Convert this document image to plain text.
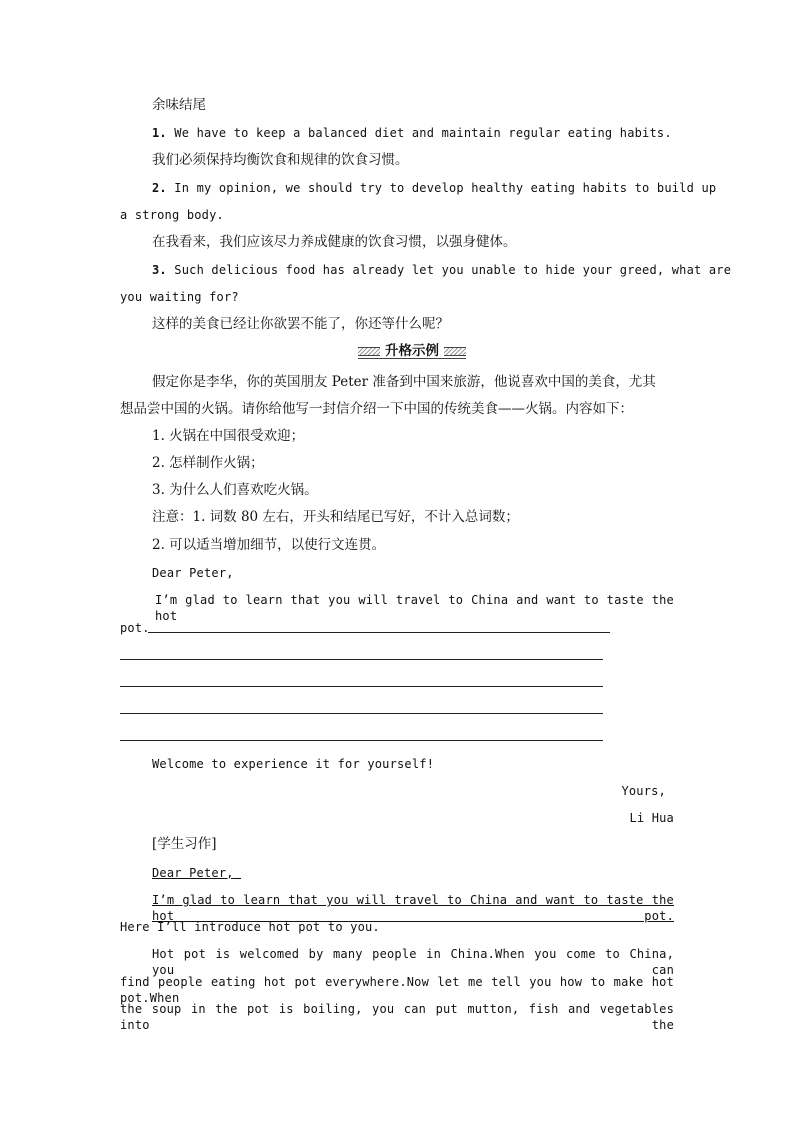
余味结尾
1. We have to keep a balanced diet and maintain regular eating habits.
我们必须保持均衡饮食和规律的饮食习惯。
2. In my opinion, we should try to develop healthy eating habits to build up
a strong body.
在我看来，我们应该尽力养成健康的饮食习惯，以强身健体。
3. Such delicious food has already let you unable to hide your greed, what are
you waiting for?
这样的美食已经让你欲罢不能了，你还等什么呢？
升格示例
假定你是李华，你的英国朋友 Peter 准备到中国来旅游，他说喜欢中国的美食，尤其
想品尝中国的火锅。请你给他写一封信介绍一下中国的传统美食——火锅。内容如下：
1. 火锅在中国很受欢迎；
2. 怎样制作火锅；
3. 为什么人们喜欢吃火锅。
注意：1. 词数 80 左右，开头和结尾已写好，不计入总词数；
2. 可以适当增加细节，以使行文连贯。
Dear Peter,
I’m glad to learn that you will travel to China and want to taste the hot
pot.
Welcome to experience it for yourself!
Yours,
Li Hua
[学生习作]
Dear Peter,
I’m glad to learn that you will travel to China and want to taste the hot pot.
Here I’ll introduce hot pot to you.
Hot pot is welcomed by many people in China.When you come to China, you can
find people eating hot pot everywhere.Now let me tell you how to make hot pot.When
the soup in the pot is boiling, you can put mutton, fish and vegetables into the
